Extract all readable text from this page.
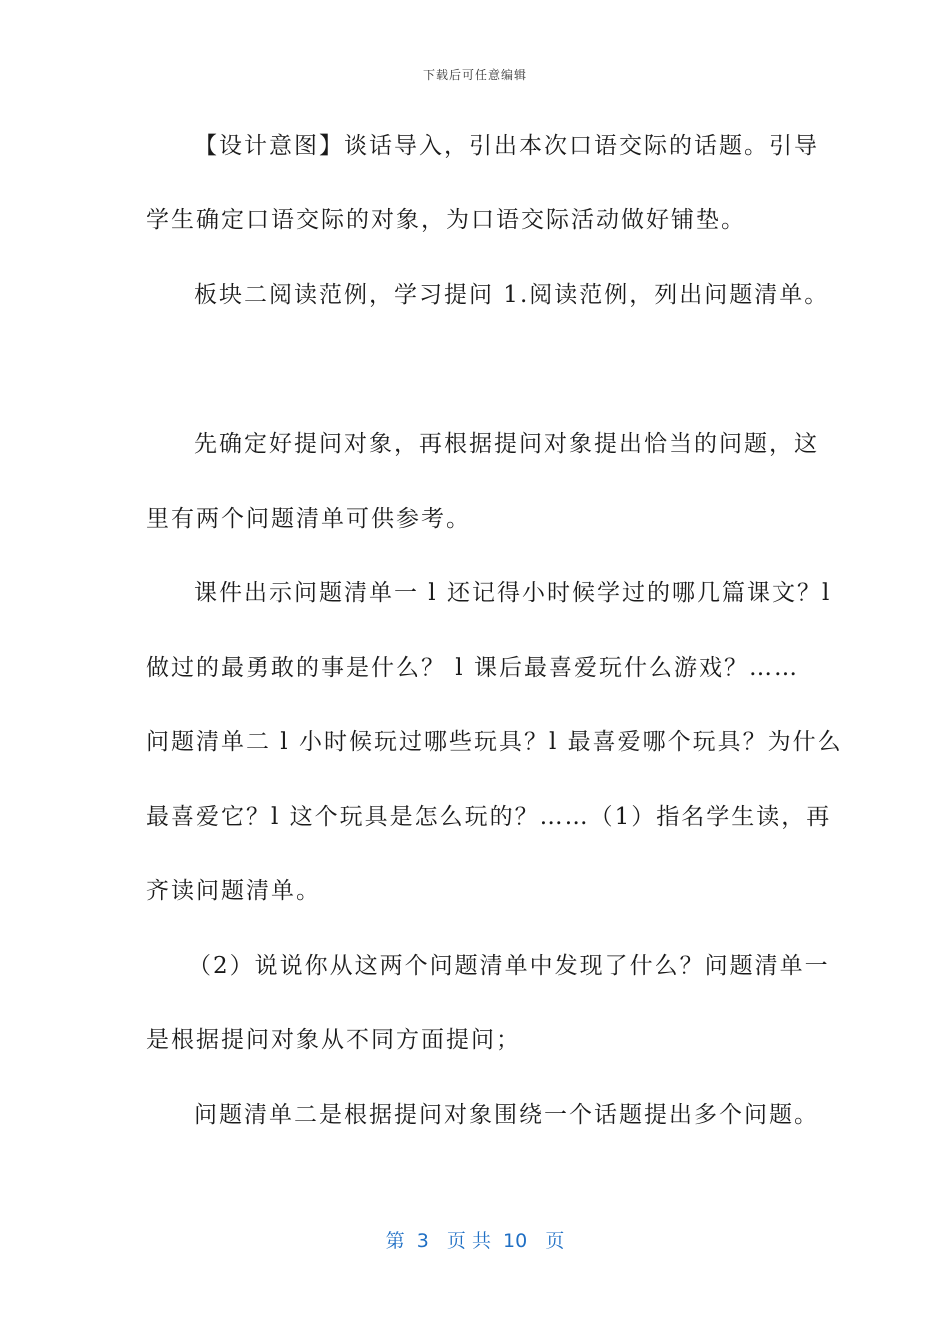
下载后可任意编辑
【设计意图】谈话导入，引出本次口语交际的话题。引导
学生确定口语交际的对象，为口语交际活动做好铺垫。
板块二阅读范例，学习提问 1.阅读范例，列出问题清单。
先确定好提问对象，再根据提问对象提出恰当的问题，这
里有两个问题清单可供参考。
课件出示问题清单一 l 还记得小时候学过的哪几篇课文？l
做过的最勇敢的事是什么？ l 课后最喜爱玩什么游戏？……
问题清单二 l 小时候玩过哪些玩具？l 最喜爱哪个玩具？为什么
最喜爱它？l 这个玩具是怎么玩的？……（1）指名学生读，再
齐读问题清单。
（2）说说你从这两个问题清单中发现了什么？问题清单一
是根据提问对象从不同方面提问；
问题清单二是根据提问对象围绕一个话题提出多个问题。
第  3   页 共  10   页
